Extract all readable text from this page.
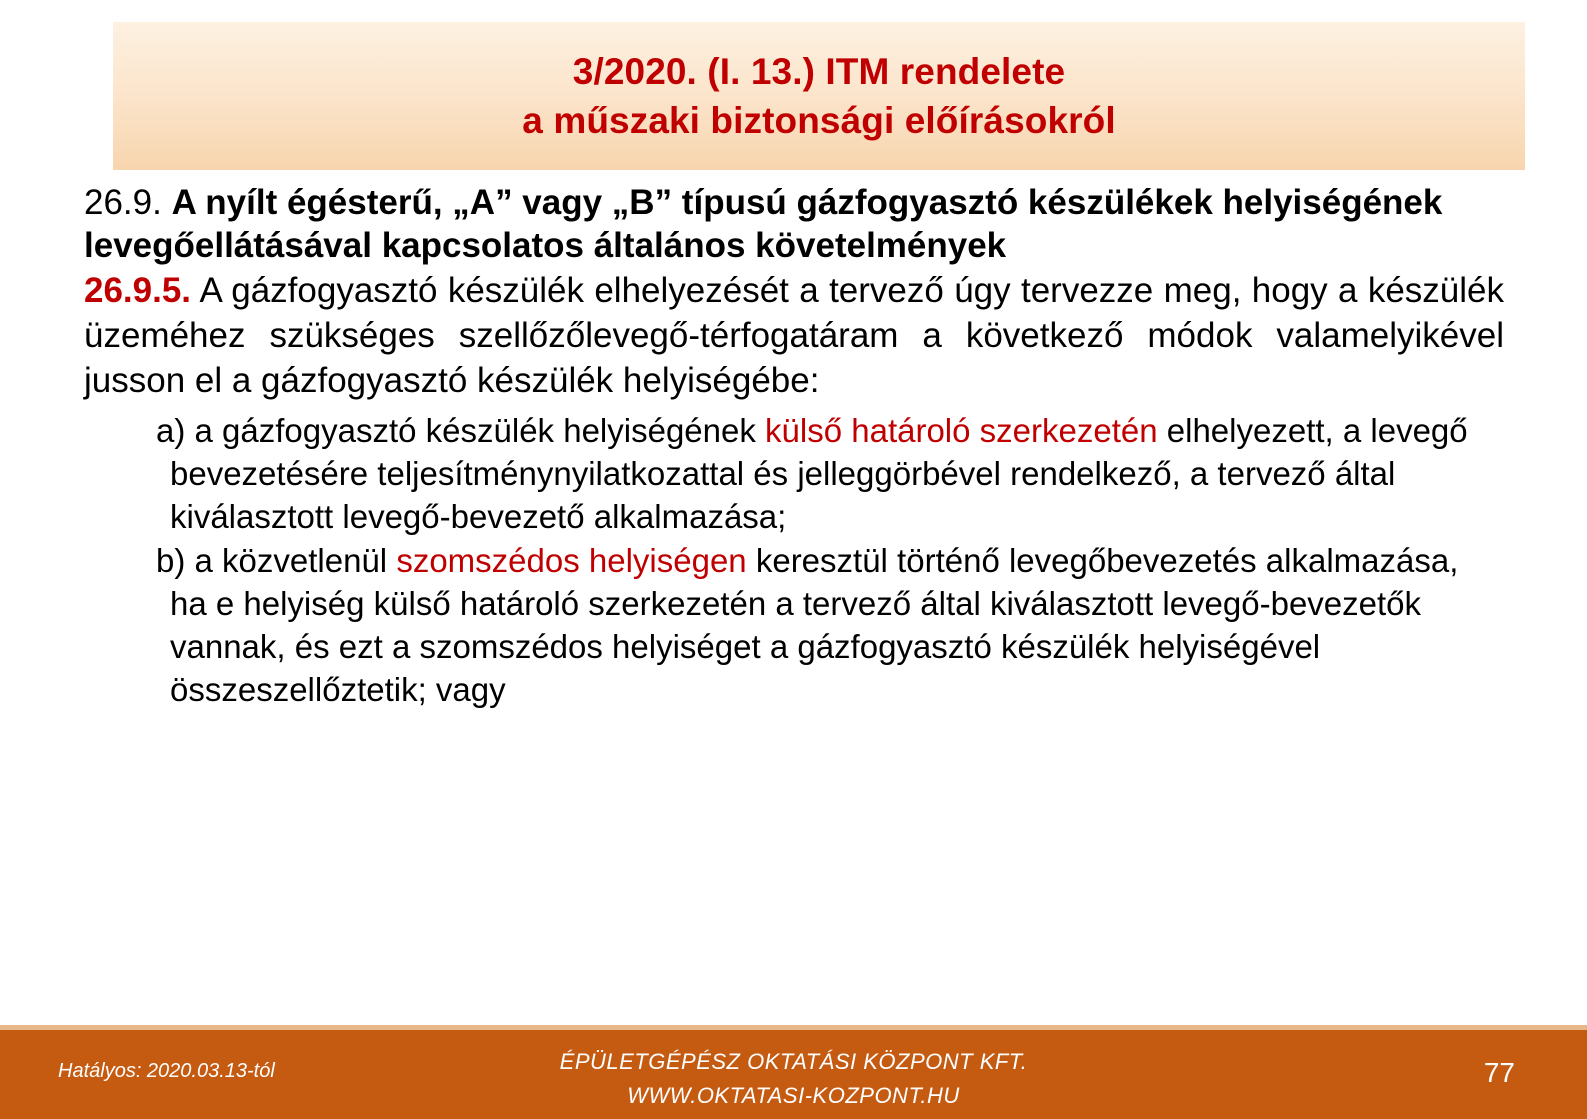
3/2020. (I. 13.) ITM rendelete
a műszaki biztonsági előírásokról

26.9. A nyílt égésterű, „A” vagy „B” típusú gázfogyasztó készülékek helyiségének levegőellátásával kapcsolatos általános követelmények

26.9.5. A gázfogyasztó készülék elhelyezését a tervező úgy tervezze meg, hogy a készülék üzeméhez szükséges szellőzőlevegő-térfogatáram a következő módok valamelyikével jusson el a gázfogyasztó készülék helyiségébe:

a) a gázfogyasztó készülék helyiségének külső határoló szerkezetén elhelyezett, a levegő bevezetésére teljesítménynyilatkozattal és jelleggörbével rendelkező, a tervező által kiválasztott levegő-bevezető alkalmazása;
b) a közvetlenül szomszédos helyiségen keresztül történő levegőbevezetés alkalmazása, ha e helyiség külső határoló szerkezetén a tervező által kiválasztott levegő-bevezetők vannak, és ezt a szomszédos helyiséget a gázfogyasztó készülék helyiségével összeszellőztetik; vagy
Hatályos: 2020.03.13-tól	ÉPÜLETGÉPÉSZ OKTATÁSI KÖZPONT KFT.
WWW.OKTATASI-KOZPONT.HU
77
